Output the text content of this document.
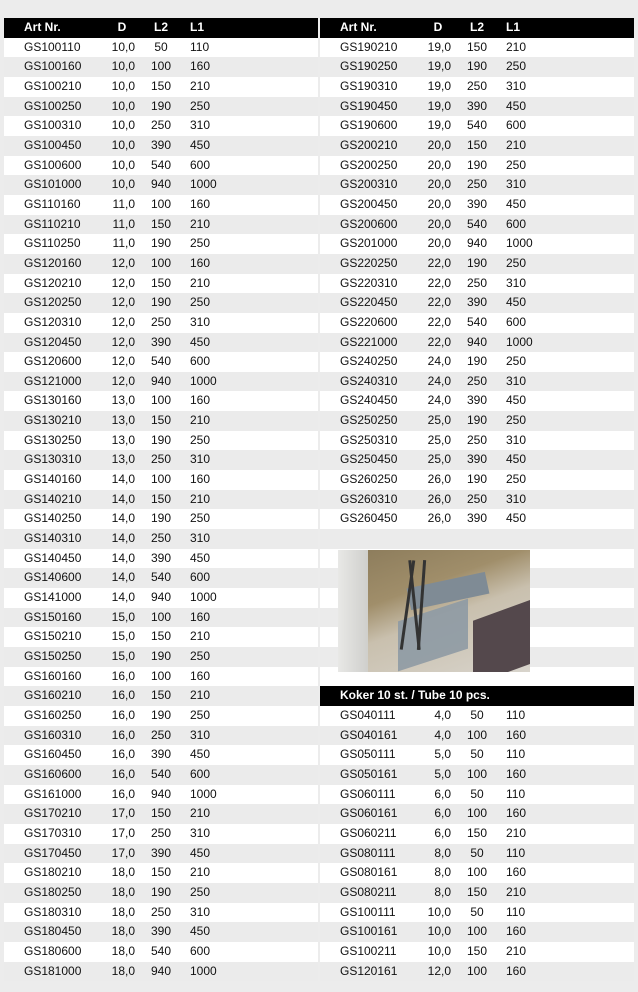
Art Nr.	D	L2	L1
GS100110	10,0	50	110
GS100160	10,0	100	160
GS100210	10,0	150	210
GS100250	10,0	190	250
GS100310	10,0	250	310
GS100450	10,0	390	450
GS100600	10,0	540	600
GS101000	10,0	940	1000
GS110160	11,0	100	160
GS110210	11,0	150	210
GS110250	11,0	190	250
GS120160	12,0	100	160
GS120210	12,0	150	210
GS120250	12,0	190	250
GS120310	12,0	250	310
GS120450	12,0	390	450
GS120600	12,0	540	600
GS121000	12,0	940	1000
GS130160	13,0	100	160
GS130210	13,0	150	210
GS130250	13,0	190	250
GS130310	13,0	250	310
GS140160	14,0	100	160
GS140210	14,0	150	210
GS140250	14,0	190	250
GS140310	14,0	250	310
GS140450	14,0	390	450
GS140600	14,0	540	600
GS141000	14,0	940	1000
GS150160	15,0	100	160
GS150210	15,0	150	210
GS150250	15,0	190	250
GS160160	16,0	100	160
GS160210	16,0	150	210
GS160250	16,0	190	250
GS160310	16,0	250	310
GS160450	16,0	390	450
GS160600	16,0	540	600
GS161000	16,0	940	1000
GS170210	17,0	150	210
GS170310	17,0	250	310
GS170450	17,0	390	450
GS180210	18,0	150	210
GS180250	18,0	190	250
GS180310	18,0	250	310
GS180450	18,0	390	450
GS180600	18,0	540	600
GS181000	18,0	940	1000
Art Nr.	D	L2	L1
GS190210	19,0	150	210
GS190250	19,0	190	250
GS190310	19,0	250	310
GS190450	19,0	390	450
GS190600	19,0	540	600
GS200210	20,0	150	210
GS200250	20,0	190	250
GS200310	20,0	250	310
GS200450	20,0	390	450
GS200600	20,0	540	600
GS201000	20,0	940	1000
GS220250	22,0	190	250
GS220310	22,0	250	310
GS220450	22,0	390	450
GS220600	22,0	540	600
GS221000	22,0	940	1000
GS240250	24,0	190	250
GS240310	24,0	250	310
GS240450	24,0	390	450
GS250250	25,0	190	250
GS250310	25,0	250	310
GS250450	25,0	390	450
GS260250	26,0	190	250
GS260310	26,0	250	310
GS260450	26,0	390	450
Koker 10 st. / Tube 10 pcs.
GS040111	4,0	50	110
GS040161	4,0	100	160
GS050111	5,0	50	110
GS050161	5,0	100	160
GS060111	6,0	50	110
GS060161	6,0	100	160
GS060211	6,0	150	210
GS080111	8,0	50	110
GS080161	8,0	100	160
GS080211	8,0	150	210
GS100111	10,0	50	110
GS100161	10,0	100	160
GS100211	10,0	150	210
GS120161	12,0	100	160
